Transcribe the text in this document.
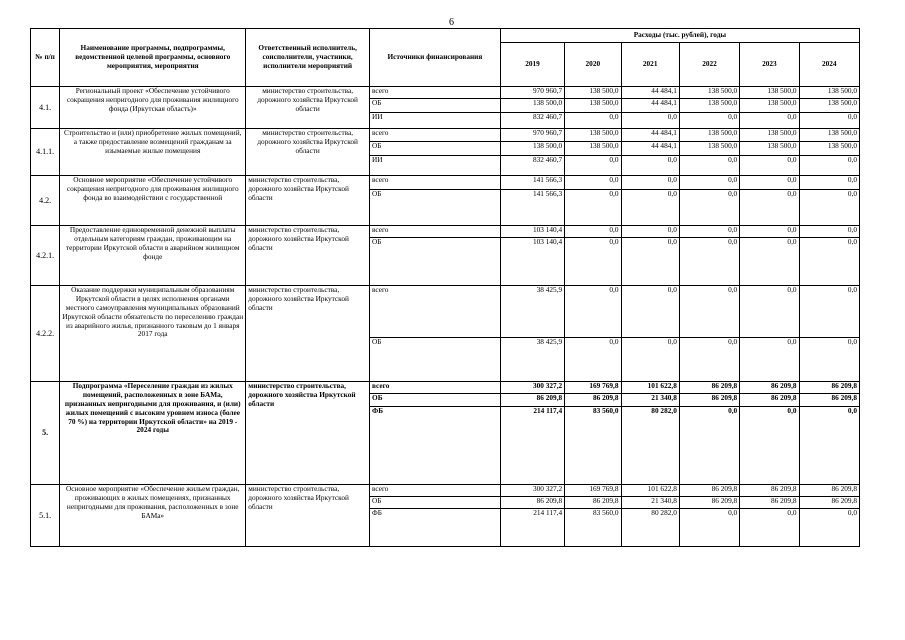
6
№ п/п	Наименование программы, подпрограммы, ведомственной целевой программы, основного мероприятия, мероприятия	Ответственный исполнитель, соисполнители, участники, исполнители мероприятий	Источники финансирования	Расходы (тыс. рублей), годы					
				2019	2020	2021	2022	2023	2024
4.1.	Региональный проект «Обеспечение устойчивого сокращения непригодного для проживания жилищного фонда (Иркутская область)»	министерство строительства, дорожного хозяйства Иркутской области	всего	970 960,7	138 500,0	44 484,1	138 500,0	138 500,0	138 500,0
			ОБ	138 500,0	138 500,0	44 484,1	138 500,0	138 500,0	138 500,0
			ИИ	832 460,7	0,0	0,0	0,0	0,0	0,0
4.1.1.	Строительство и (или) приобретение жилых помещений, а также предоставление возмещений гражданам за изымаемые жилые помещения	министерство строительства, дорожного хозяйства Иркутской области	всего	970 960,7	138 500,0	44 484,1	138 500,0	138 500,0	138 500,0
			ОБ	138 500,0	138 500,0	44 484,1	138 500,0	138 500,0	138 500,0
			ИИ	832 460,7	0,0	0,0	0,0	0,0	0,0
4.2.	Основное мероприятие «Обеспечение устойчивого сокращения непригодного для проживания жилищного фонда во взаимодействии с государственной	министерство строительства, дорожного хозяйства Иркутской области	всего	141 566,3	0,0	0,0	0,0	0,0	0,0
			ОБ	141 566,3	0,0	0,0	0,0	0,0	0,0
4.2.1.	Предоставление единовременной денежной выплаты отдельным категориям граждан, проживающим на территории Иркутской области в аварийном жилищном фонде	министерство строительства, дорожного хозяйства Иркутской области	всего	103 140,4	0,0	0,0	0,0	0,0	0,0
			ОБ	103 140,4	0,0	0,0	0,0	0,0	0,0
4.2.2.	Оказание поддержки муниципальным образованиям Иркутской области в целях исполнения органами местного самоуправления муниципальных образований Иркутской области обязательств по переселению граждан из аварийного жилья, признанного таковым до 1 января 2017 года	министерство строительства, дорожного хозяйства Иркутской области	всего	38 425,9	0,0	0,0	0,0	0,0	0,0
			ОБ	38 425,9	0,0	0,0	0,0	0,0	0,0
5.	Подпрограмма «Переселение граждан из жилых помещений, расположенных в зоне БАМа, признанных непригодными для проживания, и (или) жилых помещений с высоким уровнем износа (более 70 %) на территории Иркутской области» на 2019 - 2024 годы	министерство строительства, дорожного хозяйства Иркутской области	всего	300 327,2	169 769,8	101 622,8	86 209,8	86 209,8	86 209,8
			ОБ	86 209,8	86 209,8	21 340,8	86 209,8	86 209,8	86 209,8
			ФБ	214 117,4	83 560,0	80 282,0	0,0	0,0	0,0
5.1.	Основное мероприятие «Обеспечение жильем граждан, проживающих в жилых помещениях, признанных непригодными для проживания, расположенных в зоне БАМа»	министерство строительства, дорожного хозяйства Иркутской области	всего	300 327,2	169 769,8	101 622,8	86 209,8	86 209,8	86 209,8
			ОБ	86 209,8	86 209,8	21 340,8	86 209,8	86 209,8	86 209,8
			ФБ	214 117,4	83 560,0	80 282,0	0,0	0,0	0,0
